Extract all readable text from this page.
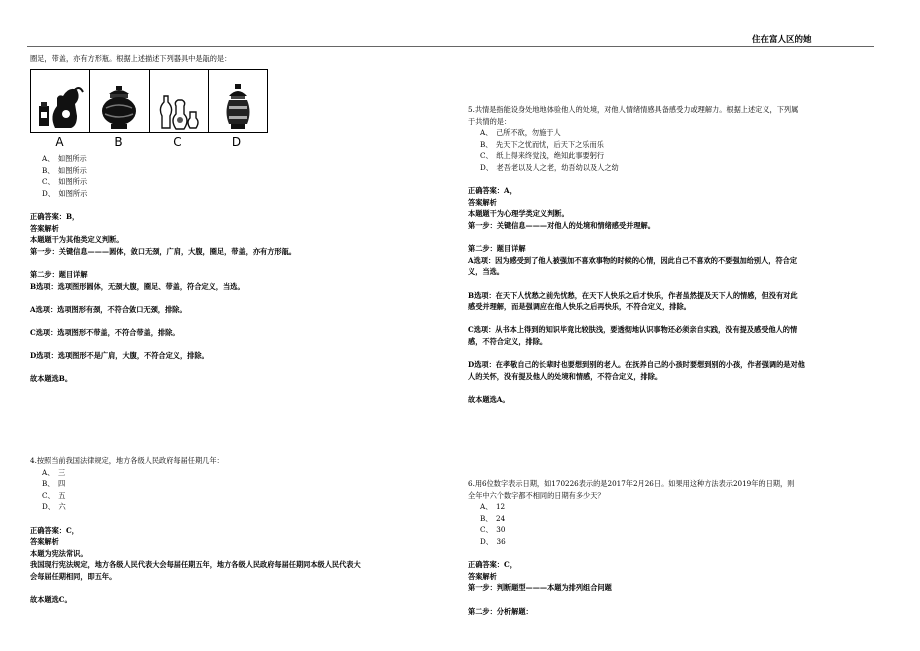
住在富人区的她

圈足，带盖，亦有方形瓶。根据上述描述下列器具中是瓿的是：

A	B	C	D

A、　如图所示

B、　如图所示

C、　如图所示

D、　如图所示

正确答案：B，

答案解析

本题题干为其他类定义判断。

第一步：关键信息———圆体，敛口无颈，广肩，大腹，圈足，带盖，亦有方形瓿。

第二步：题目详解

B选项：选项图形圆体，无颈大腹，圈足、带盖，符合定义，当选。

A选项：选项图形有颈，不符合敛口无颈，排除。

C选项：选项图形不带盖，不符合带盖，排除。

D选项：选项图形不是广肩，大腹，不符合定义，排除。

故本题选B。

4.按照当前我国法律规定，地方各级人民政府每届任期几年：

A、　三

B、　四

C、　五

D、　六

正确答案：C，

答案解析

本题为宪法常识。

我国现行宪法规定，地方各级人民代表大会每届任期五年，地方各级人民政府每届任期同本级人民代表大

会每届任期相同，即五年。

故本题选C。

5.共情是指能设身处地地体验他人的处境，对他人情绪情感具备感受力或理解力。根据上述定义，下列属

于共情的是：

A、　己所不欲，勿施于人

B、　先天下之忧而忧，后天下之乐而乐

C、　纸上得来终觉浅，绝知此事要躬行

D、　老吾老以及人之老，幼吾幼以及人之幼

正确答案：A，

答案解析

本题题干为心理学类定义判断。

第一步：关键信息———对他人的处境和情绪感受并理解。

第二步：题目详解

A选项：因为感受到了他人被强加不喜欢事物的时候的心情，因此自己不喜欢的不要强加给别人，符合定

义，当选。

B选项：在天下人忧愁之前先忧愁，在天下人快乐之后才快乐，作者虽然提及天下人的情感，但没有对此

感受并理解，而是强调应在他人快乐之后再快乐，不符合定义，排除。

C选项：从书本上得到的知识毕竟比较肤浅，要透彻地认识事物还必须亲自实践，没有提及感受他人的情

感，不符合定义，排除。

D选项：在孝敬自己的长辈时也要想到别的老人。在抚养自己的小孩时要想到别的小孩，作者强调的是对他

人的关怀，没有提及他人的处境和情感，不符合定义，排除。

故本题选A。

6.用6位数字表示日期，如170226表示的是2017年2月26日。如果用这种方法表示2019年的日期，则

全年中六个数字都不相同的日期有多少天？

A、　12

B、　24

C、　30

D、　36

正确答案：C，

答案解析

第一步：判断题型———本题为排列组合问题

第二步：分析解题：
